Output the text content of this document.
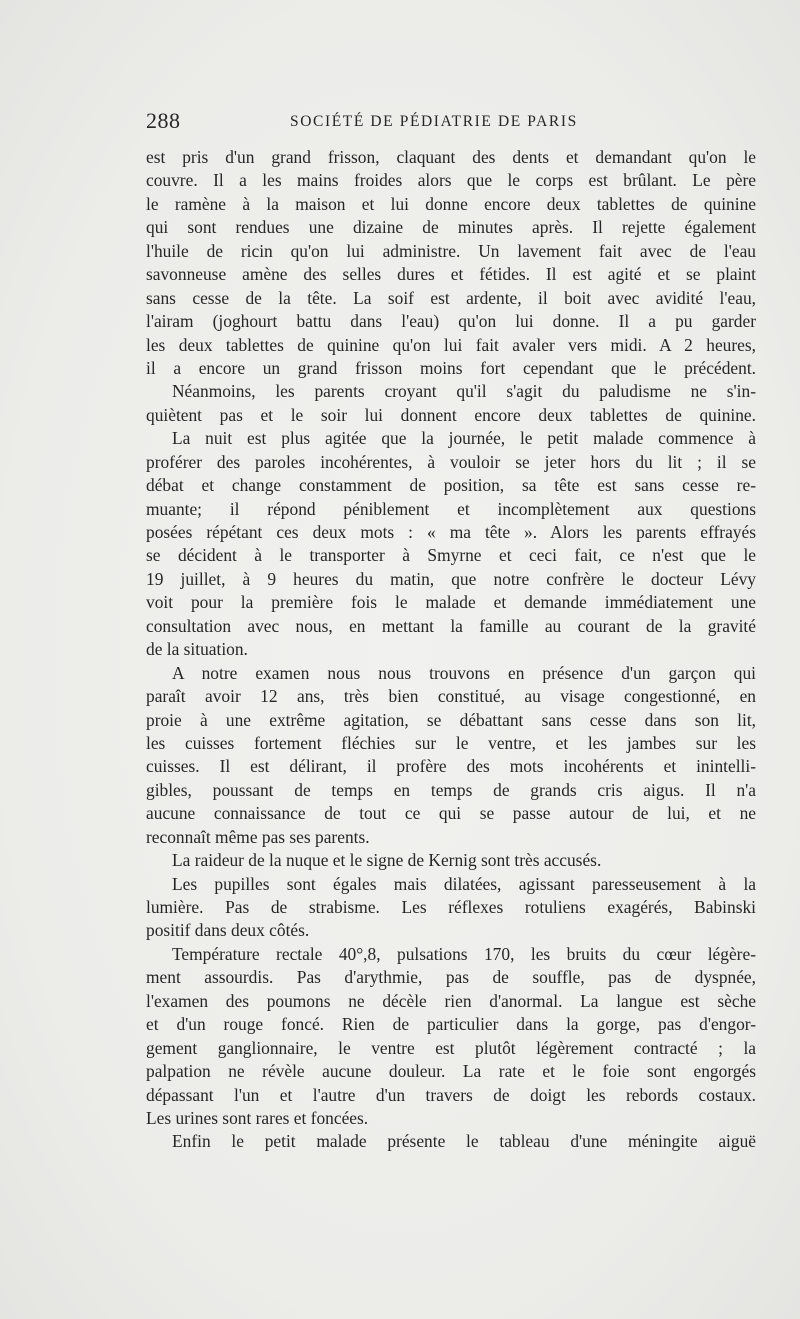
288	SOCIÉTÉ DE PÉDIATRIE DE PARIS
est pris d'un grand frisson, claquant des dents et demandant qu'on le
couvre. Il a les mains froides alors que le corps est brûlant. Le père
le ramène à la maison et lui donne encore deux tablettes de quinine
qui sont rendues une dizaine de minutes après. Il rejette également
l'huile de ricin qu'on lui administre. Un lavement fait avec de l'eau
savonneuse amène des selles dures et fétides. Il est agité et se plaint
sans cesse de la tête. La soif est ardente, il boit avec avidité l'eau,
l'airam (joghourt battu dans l'eau) qu'on lui donne. Il a pu garder
les deux tablettes de quinine qu'on lui fait avaler vers midi. A 2 heures,
il a encore un grand frisson moins fort cependant que le précédent.
Néanmoins, les parents croyant qu'il s'agit du paludisme ne s'in-
quiètent pas et le soir lui donnent encore deux tablettes de quinine.
La nuit est plus agitée que la journée, le petit malade commence à
proférer des paroles incohérentes, à vouloir se jeter hors du lit ; il se
débat et change constamment de position, sa tête est sans cesse re-
muante; il répond péniblement et incomplètement aux questions
posées répétant ces deux mots : « ma tête ». Alors les parents effrayés
se décident à le transporter à Smyrne et ceci fait, ce n'est que le
19 juillet, à 9 heures du matin, que notre confrère le docteur Lévy
voit pour la première fois le malade et demande immédiatement une
consultation avec nous, en mettant la famille au courant de la gravité
de la situation.
A notre examen nous nous trouvons en présence d'un garçon qui
paraît avoir 12 ans, très bien constitué, au visage congestionné, en
proie à une extrême agitation, se débattant sans cesse dans son lit,
les cuisses fortement fléchies sur le ventre, et les jambes sur les
cuisses. Il est délirant, il profère des mots incohérents et inintelli-
gibles, poussant de temps en temps de grands cris aigus. Il n'a
aucune connaissance de tout ce qui se passe autour de lui, et ne
reconnaît même pas ses parents.
La raideur de la nuque et le signe de Kernig sont très accusés.
Les pupilles sont égales mais dilatées, agissant paresseusement à la
lumière. Pas de strabisme. Les réflexes rotuliens exagérés, Babinski
positif dans deux côtés.
Température rectale 40°,8, pulsations 170, les bruits du cœur légère-
ment assourdis. Pas d'arythmie, pas de souffle, pas de dyspnée,
l'examen des poumons ne décèle rien d'anormal. La langue est sèche
et d'un rouge foncé. Rien de particulier dans la gorge, pas d'engor-
gement ganglionnaire, le ventre est plutôt légèrement contracté ; la
palpation ne révèle aucune douleur. La rate et le foie sont engorgés
dépassant l'un et l'autre d'un travers de doigt les rebords costaux.
Les urines sont rares et foncées.
Enfin le petit malade présente le tableau d'une méningite aiguë
